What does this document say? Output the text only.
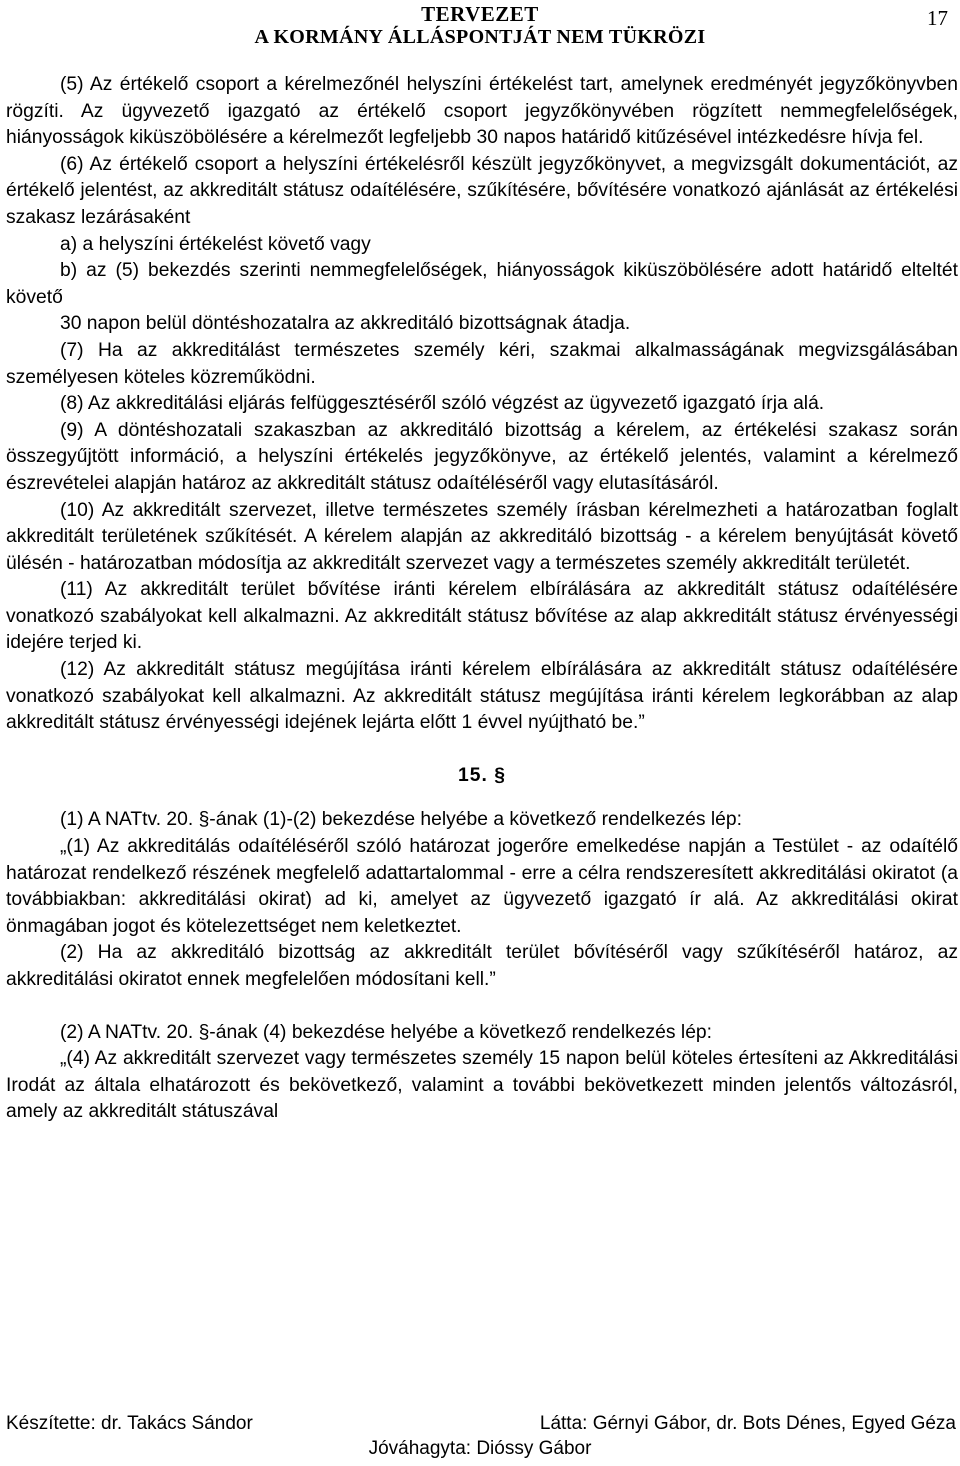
TERVEZET
A KORMÁNY ÁLLÁSPONTJÁT NEM TÜKRÖZI
17

(5) Az értékelő csoport a kérelmezőnél helyszíni értékelést tart, amelynek eredményét jegyzőkönyvben rögzíti. Az ügyvezető igazgató az értékelő csoport jegyzőkönyvében rögzített nemmegfelelőségek, hiányosságok kiküszöbölésére a kérelmezőt legfeljebb 30 napos határidő kitűzésével intézkedésre hívja fel.

(6) Az értékelő csoport a helyszíni értékelésről készült jegyzőkönyvet, a megvizsgált dokumentációt, az értékelő jelentést, az akkreditált státusz odaítélésére, szűkítésére, bővítésére vonatkozó ajánlását az értékelési szakasz lezárásaként

a) a helyszíni értékelést követő vagy

b) az (5) bekezdés szerinti nemmegfelelőségek, hiányosságok kiküszöbölésére adott határidő elteltét követő

30 napon belül döntéshozatalra az akkreditáló bizottságnak átadja.

(7) Ha az akkreditálást természetes személy kéri, szakmai alkalmasságának megvizsgálásában személyesen köteles közreműködni.

(8) Az akkreditálási eljárás felfüggesztéséről szóló végzést az ügyvezető igazgató írja alá.

(9) A döntéshozatali szakaszban az akkreditáló bizottság a kérelem, az értékelési szakasz során összegyűjtött információ, a helyszíni értékelés jegyzőkönyve, az értékelő jelentés, valamint a kérelmező észrevételei alapján határoz az akkreditált státusz odaítéléséről vagy elutasításáról.

(10) Az akkreditált szervezet, illetve természetes személy írásban kérelmezheti a határozatban foglalt akkreditált területének szűkítését. A kérelem alapján az akkreditáló bizottság - a kérelem benyújtását követő ülésén - határozatban módosítja az akkreditált szervezet vagy a természetes személy akkreditált területét.

(11) Az akkreditált terület bővítése iránti kérelem elbírálására az akkreditált státusz odaítélésére vonatkozó szabályokat kell alkalmazni. Az akkreditált státusz bővítése az alap akkreditált státusz érvényességi idejére terjed ki.

(12) Az akkreditált státusz megújítása iránti kérelem elbírálására az akkreditált státusz odaítélésére vonatkozó szabályokat kell alkalmazni. Az akkreditált státusz megújítása iránti kérelem legkorábban az alap akkreditált státusz érvényességi idejének lejárta előtt 1 évvel nyújtható be.”

15. §

(1) A NATtv. 20. §-ának (1)-(2) bekezdése helyébe a következő rendelkezés lép:

„(1) Az akkreditálás odaítéléséről szóló határozat jogerőre emelkedése napján a Testület - az odaítélő határozat rendelkező részének megfelelő adattartalommal - erre a célra rendszeresített akkreditálási okiratot (a továbbiakban: akkreditálási okirat) ad ki, amelyet az ügyvezető igazgató ír alá. Az akkreditálási okirat önmagában jogot és kötelezettséget nem keletkeztet.

(2) Ha az akkreditáló bizottság az akkreditált terület bővítéséről vagy szűkítéséről határoz, az akkreditálási okiratot ennek megfelelően módosítani kell.”

(2) A NATtv. 20. §-ának (4) bekezdése helyébe a következő rendelkezés lép:

„(4) Az akkreditált szervezet vagy természetes személy 15 napon belül köteles értesíteni az Akkreditálási Irodát az általa elhatározott és bekövetkező, valamint a további bekövetkezett minden jelentős változásról, amely az akkreditált státuszával

Készítette: dr. Takács Sándor	Látta: Gérnyi Gábor, dr. Bots Dénes, Egyed Géza
Jóváhagyta: Dióssy Gábor
